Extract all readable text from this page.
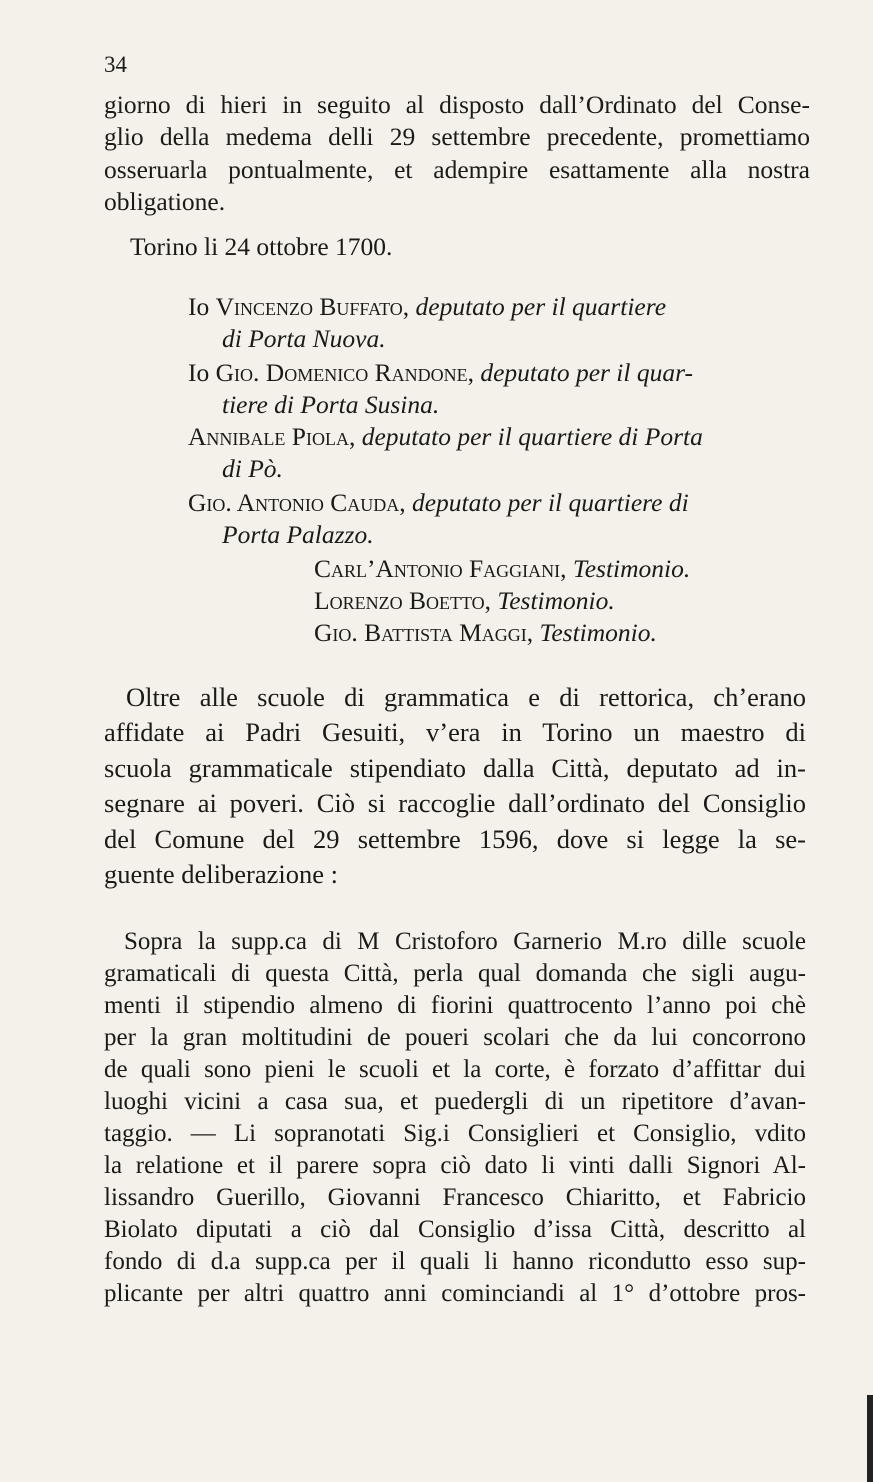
34
giorno di hieri in seguito al disposto dall’Ordinato del Conse-
glio della medema delli 29 settembre precedente, promettiamo
osseruarla pontualmente, et adempire esattamente alla nostra
obligatione.
Torino li 24 ottobre 1700.
Io Vincenzo Buffato, deputato per il quartiere
di Porta Nuova.
Io Gio. Domenico Randone, deputato per il quar-
tiere di Porta Susina.
Annibale Piola, deputato per il quartiere di Porta
di Pò.
Gio. Antonio Cauda, deputato per il quartiere di
Porta Palazzo.
Carl’Antonio Faggiani, Testimonio.
Lorenzo Boetto, Testimonio.
Gio. Battista Maggi, Testimonio.
Oltre alle scuole di grammatica e di rettorica, ch’erano
affidate ai Padri Gesuiti, v’era in Torino un maestro di
scuola grammaticale stipendiato dalla Città, deputato ad in-
segnare ai poveri. Ciò si raccoglie dall’ordinato del Consiglio
del Comune del 29 settembre 1596, dove si legge la se-
guente deliberazione :
Sopra la supp.ca di M Cristoforo Garnerio M.ro dille scuole
gramaticali di questa Città, perla qual domanda che sigli augu-
menti il stipendio almeno di fiorini quattrocento l’anno poi chè
per la gran moltitudini de poueri scolari che da lui concorrono
de quali sono pieni le scuoli et la corte, è forzato d’affittar dui
luoghi vicini a casa sua, et puedergli di un ripetitore d’avan-
taggio. — Li sopranotati Sig.i Consiglieri et Consiglio, vdito
la relatione et il parere sopra ciò dato li vinti dalli Signori Al-
lissandro Guerillo, Giovanni Francesco Chiaritto, et Fabricio
Biolato diputati a ciò dal Consiglio d’issa Città, descritto al
fondo di d.a supp.ca per il quali li hanno ricondutto esso sup-
plicante per altri quattro anni cominciandi al 1° d’ottobre pros-
